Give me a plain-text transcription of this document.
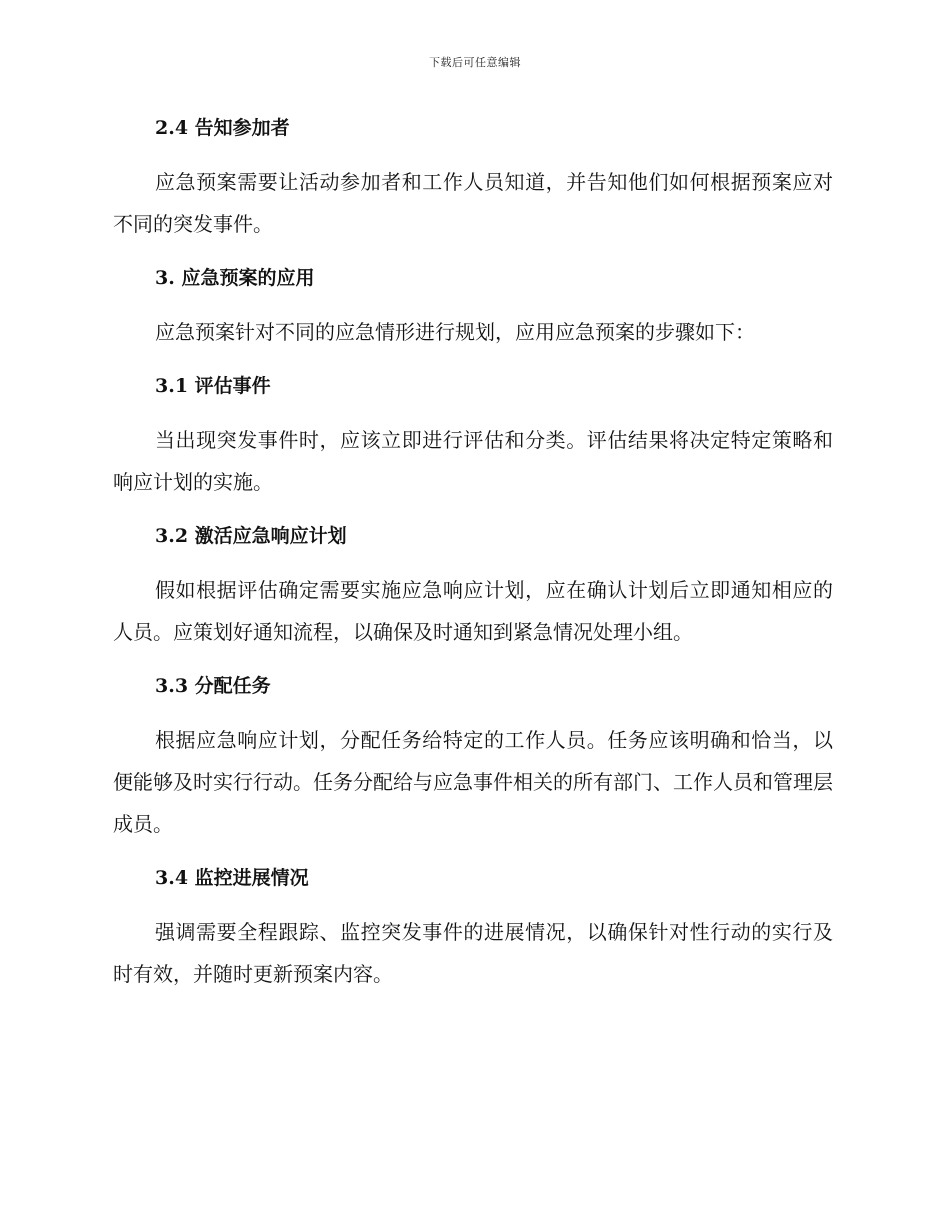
下载后可任意编辑
2.4 告知参加者
应急预案需要让活动参加者和工作人员知道，并告知他们如何根据预案应对不同的突发事件。
3. 应急预案的应用
应急预案针对不同的应急情形进行规划，应用应急预案的步骤如下：
3.1 评估事件
当出现突发事件时，应该立即进行评估和分类。评估结果将决定特定策略和响应计划的实施。
3.2 激活应急响应计划
假如根据评估确定需要实施应急响应计划，应在确认计划后立即通知相应的人员。应策划好通知流程，以确保及时通知到紧急情况处理小组。
3.3 分配任务
根据应急响应计划，分配任务给特定的工作人员。任务应该明确和恰当，以便能够及时实行行动。任务分配给与应急事件相关的所有部门、工作人员和管理层成员。
3.4 监控进展情况
强调需要全程跟踪、监控突发事件的进展情况，以确保针对性行动的实行及时有效，并随时更新预案内容。
